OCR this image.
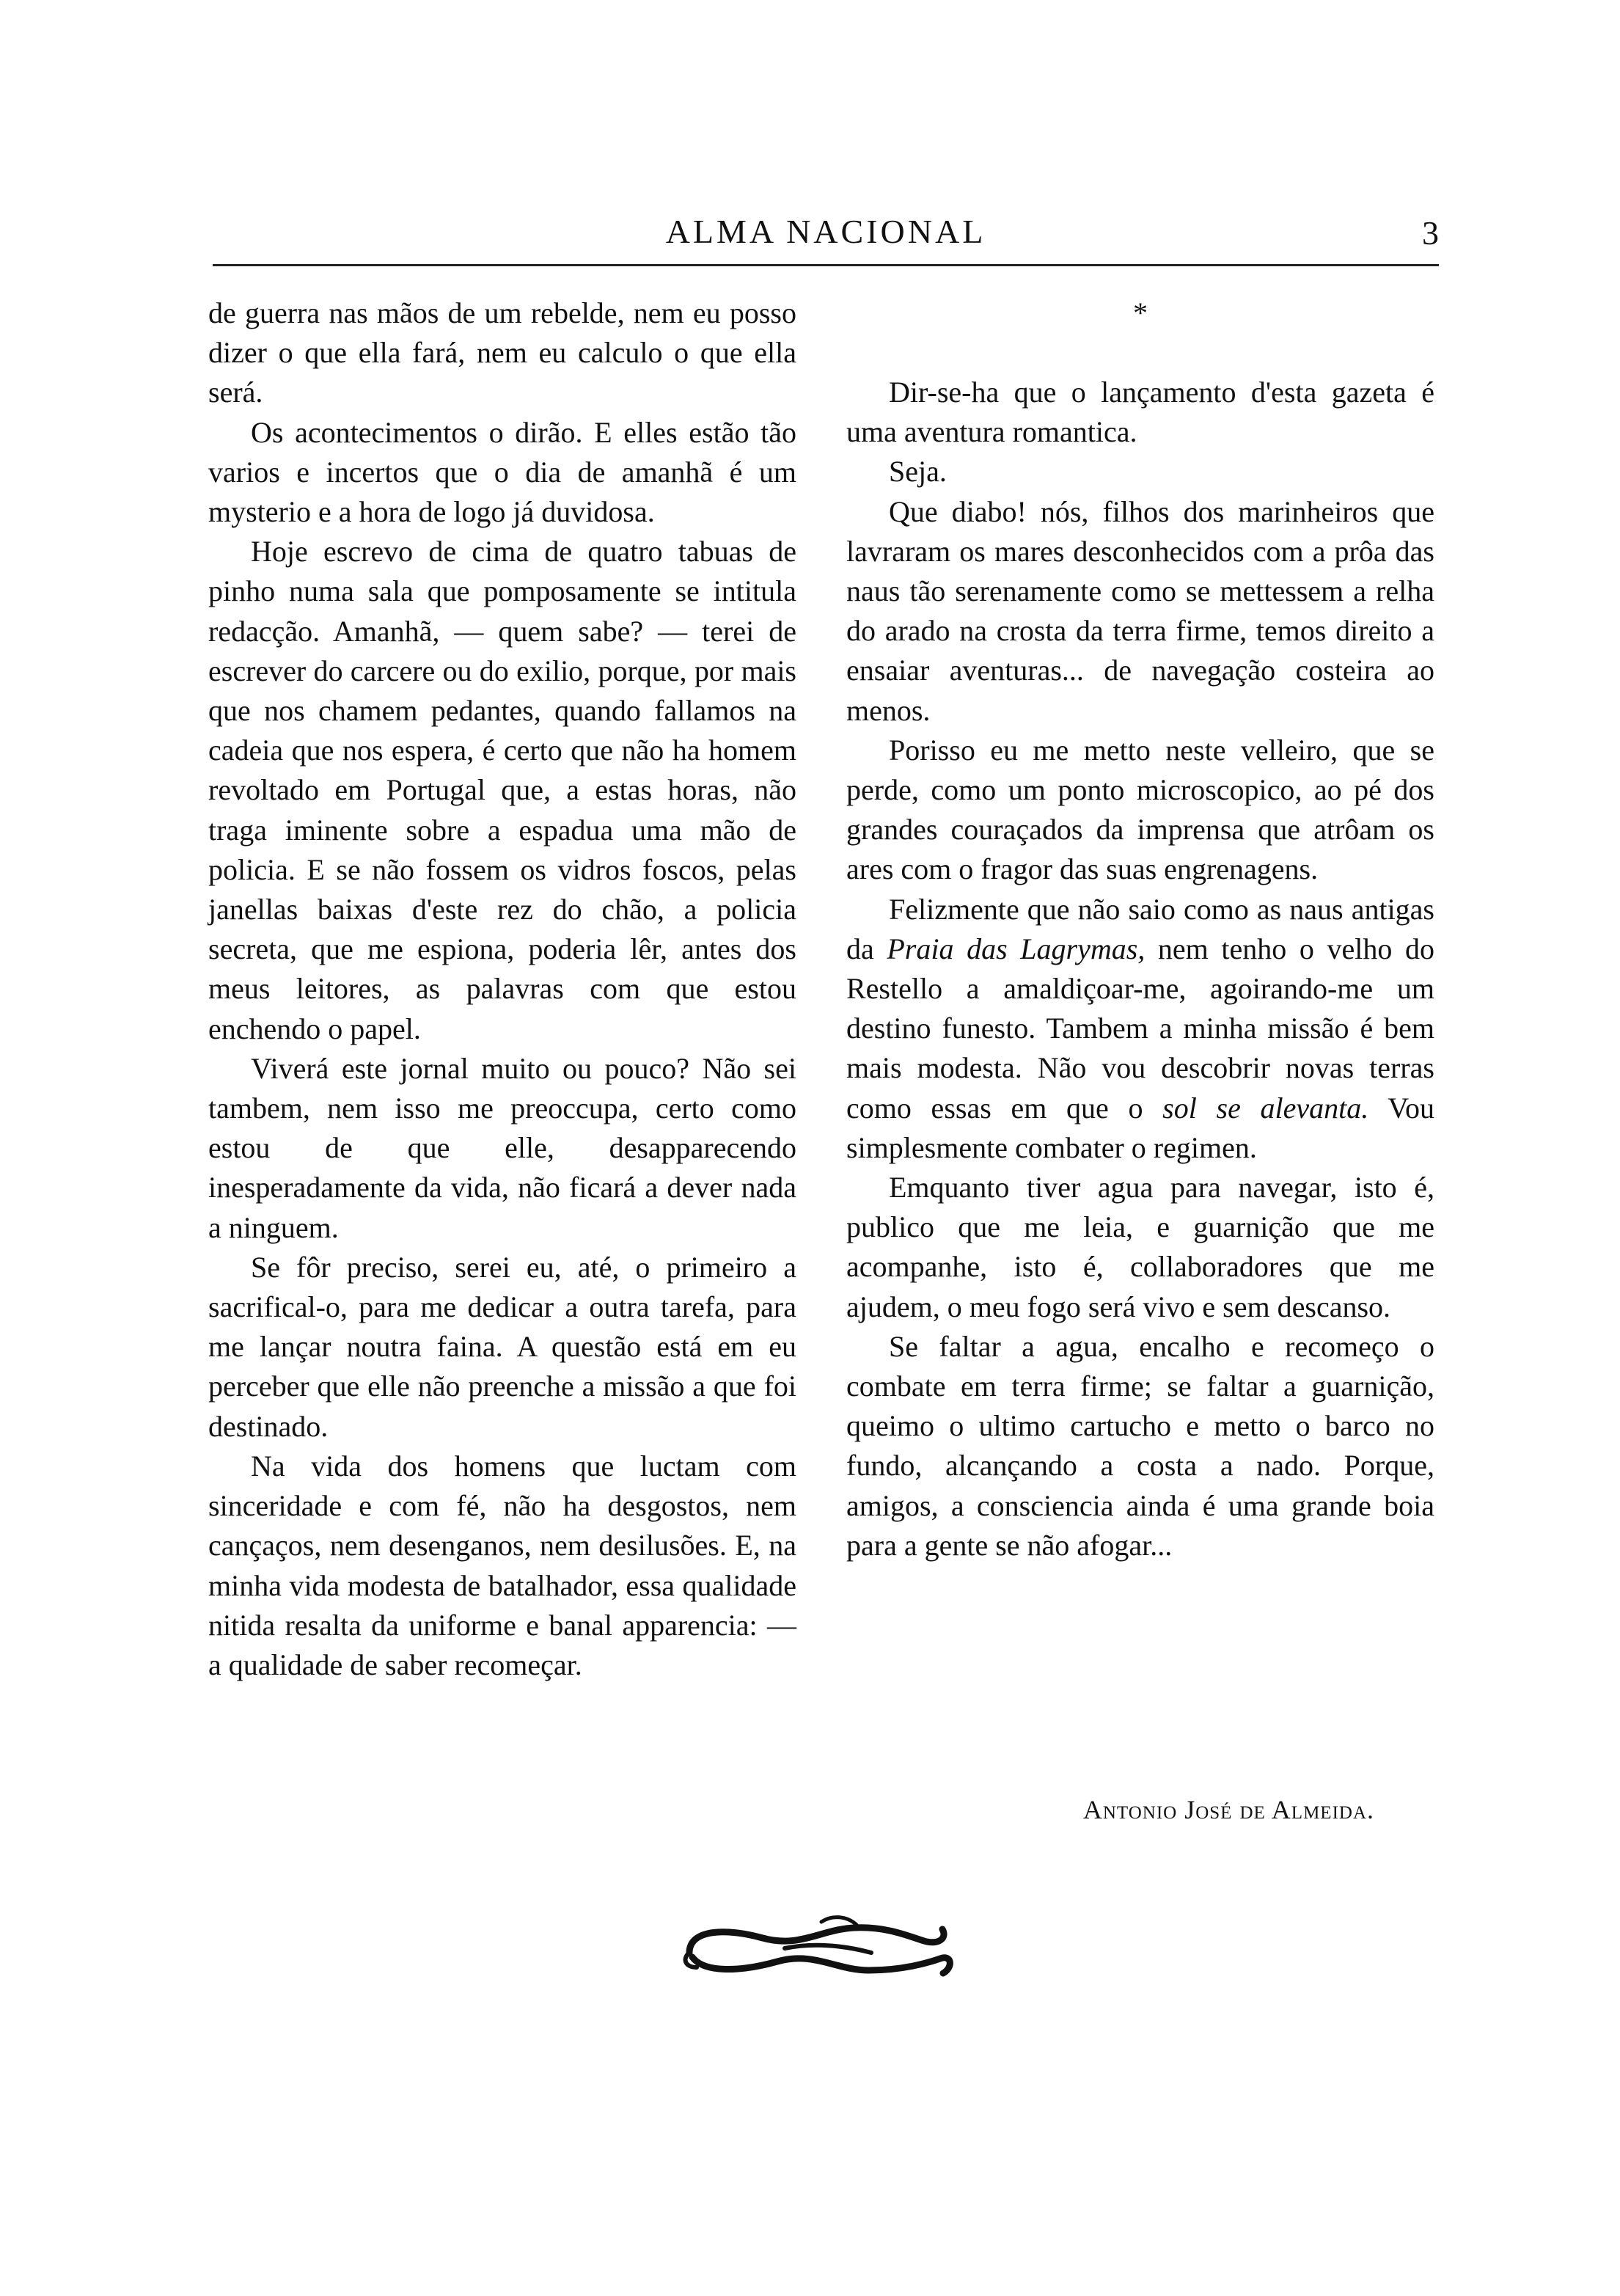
ALMA NACIONAL	3

de guerra nas mãos de um rebelde, nem eu posso dizer o que ella fará, nem eu calculo o que ella será.

Os acontecimentos o dirão. E elles estão tão varios e incertos que o dia de amanhã é um mysterio e a hora de logo já duvidosa.

Hoje escrevo de cima de quatro tabuas de pinho numa sala que pomposamente se intitula redacção. Amanhã, — quem sabe? — terei de escrever do carcere ou do exilio, porque, por mais que nos chamem pedantes, quando fallamos na cadeia que nos espera, é certo que não ha homem revoltado em Portugal que, a estas horas, não traga iminente sobre a espadua uma mão de policia. E se não fossem os vidros foscos, pelas janellas baixas d'este rez do chão, a policia secreta, que me espiona, poderia lêr, antes dos meus leitores, as palavras com que estou enchendo o papel.

Viverá este jornal muito ou pouco? Não sei tambem, nem isso me preoccupa, certo como estou de que elle, desapparecendo inesperadamente da vida, não ficará a dever nada a ninguem.

Se fôr preciso, serei eu, até, o primeiro a sacrifical-o, para me dedicar a outra tarefa, para me lançar noutra faina. A questão está em eu perceber que elle não preenche a missão a que foi destinado.

Na vida dos homens que luctam com sinceridade e com fé, não ha desgostos, nem cançaços, nem desenganos, nem desilusões. E, na minha vida modesta de batalhador, essa qualidade nitida resalta da uniforme e banal apparencia: — a qualidade de saber recomeçar.

*

Dir-se-ha que o lançamento d'esta gazeta é uma aventura romantica.

Seja.

Que diabo! nós, filhos dos marinheiros que lavraram os mares desconhecidos com a prôa das naus tão serenamente como se mettessem a relha do arado na crosta da terra firme, temos direito a ensaiar aventuras... de navegação costeira ao menos.

Porisso eu me metto neste velleiro, que se perde, como um ponto microscopico, ao pé dos grandes couraçados da imprensa que atrôam os ares com o fragor das suas engrenagens.

Felizmente que não saio como as naus antigas da Praia das Lagrymas, nem tenho o velho do Restello a amaldiçoar-me, agoirando-me um destino funesto. Tambem a minha missão é bem mais modesta. Não vou descobrir novas terras como essas em que o sol se alevanta. Vou simplesmente combater o regimen.

Emquanto tiver agua para navegar, isto é, publico que me leia, e guarnição que me acompanhe, isto é, collaboradores que me ajudem, o meu fogo será vivo e sem descanso.

Se faltar a agua, encalho e recomeço o combate em terra firme; se faltar a guarnição, queimo o ultimo cartucho e metto o barco no fundo, alcançando a costa a nado. Porque, amigos, a consciencia ainda é uma grande boia para a gente se não afogar...

Antonio José de Almeida.
